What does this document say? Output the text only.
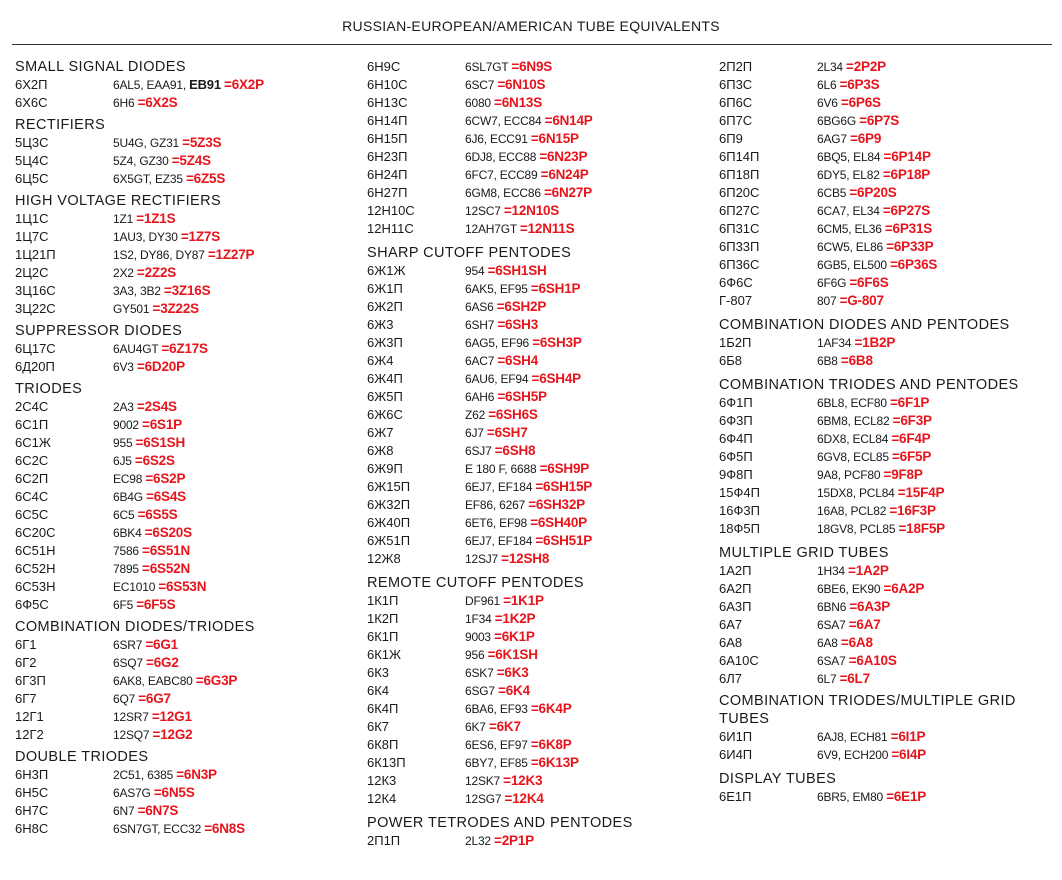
RUSSIAN-EUROPEAN/AMERICAN TUBE EQUIVALENTS
SMALL SIGNAL DIODES
6Х2П	6AL5, EAA91, EB91 =6X2P
6Х6С	6H6 =6X2S
RECTIFIERS
5Ц3С	5U4G, GZ31 =5Z3S
5Ц4С	5Z4, GZ30 =5Z4S
6Ц5С	6X5GT, EZ35 =6Z5S
HIGH VOLTAGE RECTIFIERS
1Ц1С	1Z1 =1Z1S
1Ц7С	1AU3, DY30 =1Z7S
1Ц21П	1S2, DY86, DY87 =1Z27P
2Ц2С	2X2 =2Z2S
3Ц16С	3A3, 3B2 =3Z16S
3Ц22С	GY501 =3Z22S
SUPPRESSOR DIODES
6Ц17С	6AU4GT =6Z17S
6Д20П	6V3 =6D20P
TRIODES
2С4С	2A3 =2S4S
6С1П	9002 =6S1P
6С1Ж	955 =6S1SH
6С2С	6J5 =6S2S
6С2П	EC98 =6S2P
6С4С	6B4G =6S4S
6С5С	6C5 =6S5S
6С20С	6BK4 =6S20S
6С51Н	7586 =6S51N
6С52Н	7895 =6S52N
6С53Н	EC1010 =6S53N
6Ф5С	6F5 =6F5S
COMBINATION DIODES/TRIODES
6Г1	6SR7 =6G1
6Г2	6SQ7 =6G2
6Г3П	6AK8, EABC80 =6G3P
6Г7	6Q7 =6G7
12Г1	12SR7 =12G1
12Г2	12SQ7 =12G2
DOUBLE TRIODES
6Н3П	2C51, 6385 =6N3P
6Н5С	6AS7G =6N5S
6Н7С	6N7 =6N7S
6Н8С	6SN7GT, ECC32 =6N8S
6Н9С	6SL7GT =6N9S
6Н10С	6SC7 =6N10S
6Н13С	6080 =6N13S
6Н14П	6CW7, ECC84 =6N14P
6Н15П	6J6, ECC91 =6N15P
6Н23П	6DJ8, ECC88 =6N23P
6Н24П	6FC7, ECC89 =6N24P
6Н27П	6GM8, ECC86 =6N27P
12Н10С	12SC7 =12N10S
12Н11С	12AH7GT =12N11S
SHARP CUTOFF PENTODES
6Ж1Ж	954 =6SH1SH
6Ж1П	6AK5, EF95 =6SH1P
6Ж2П	6AS6 =6SH2P
6Ж3	6SH7 =6SH3
6Ж3П	6AG5, EF96 =6SH3P
6Ж4	6AC7 =6SH4
6Ж4П	6AU6, EF94 =6SH4P
6Ж5П	6AH6 =6SH5P
6Ж6С	Z62 =6SH6S
6Ж7	6J7 =6SH7
6Ж8	6SJ7 =6SH8
6Ж9П	E 180 F, 6688 =6SH9P
6Ж15П	6EJ7, EF184 =6SH15P
6Ж32П	EF86, 6267 =6SH32P
6Ж40П	6ET6, EF98 =6SH40P
6Ж51П	6EJ7, EF184 =6SH51P
12Ж8	12SJ7 =12SH8
REMOTE CUTOFF PENTODES
1К1П	DF961 =1K1P
1К2П	1F34 =1K2P
6К1П	9003 =6K1P
6К1Ж	956 =6K1SH
6К3	6SK7 =6K3
6К4	6SG7 =6K4
6К4П	6BA6, EF93 =6K4P
6К7	6K7 =6K7
6К8П	6ES6, EF97 =6K8P
6К13П	6BY7, EF85 =6K13P
12К3	12SK7 =12K3
12К4	12SG7 =12K4
POWER TETRODES AND PENTODES
2П1П	2L32 =2P1P
2П2П	2L34 =2P2P
6П3С	6L6 =6P3S
6П6С	6V6 =6P6S
6П7С	6BG6G =6P7S
6П9	6AG7 =6P9
6П14П	6BQ5, EL84 =6P14P
6П18П	6DY5, EL82 =6P18P
6П20С	6CB5 =6P20S
6П27С	6CA7, EL34 =6P27S
6П31С	6CM5, EL36 =6P31S
6П33П	6CW5, EL86 =6P33P
6П36С	6GB5, EL500 =6P36S
6Ф6С	6F6G =6F6S
Г-807	807 =G-807
COMBINATION DIODES AND PENTODES
1Б2П	1AF34 =1B2P
6Б8	6B8 =6B8
COMBINATION TRIODES AND PENTODES
6Ф1П	6BL8, ECF80 =6F1P
6Ф3П	6BM8, ECL82 =6F3P
6Ф4П	6DX8, ECL84 =6F4P
6Ф5П	6GV8, ECL85 =6F5P
9Ф8П	9A8, PCF80 =9F8P
15Ф4П	15DX8, PCL84 =15F4P
16Ф3П	16A8, PCL82 =16F3P
18Ф5П	18GV8, PCL85 =18F5P
MULTIPLE GRID TUBES
1А2П	1H34 =1A2P
6А2П	6BE6, EK90 =6A2P
6А3П	6BN6 =6A3P
6А7	6SA7 =6A7
6А8	6A8 =6A8
6А10С	6SA7 =6A10S
6Л7	6L7 =6L7
COMBINATION TRIODES/MULTIPLE GRID TUBES
6И1П	6AJ8, ECH81 =6I1P
6И4П	6V9, ECH200 =6I4P
DISPLAY TUBES
6Е1П	6BR5, EM80 =6E1P
